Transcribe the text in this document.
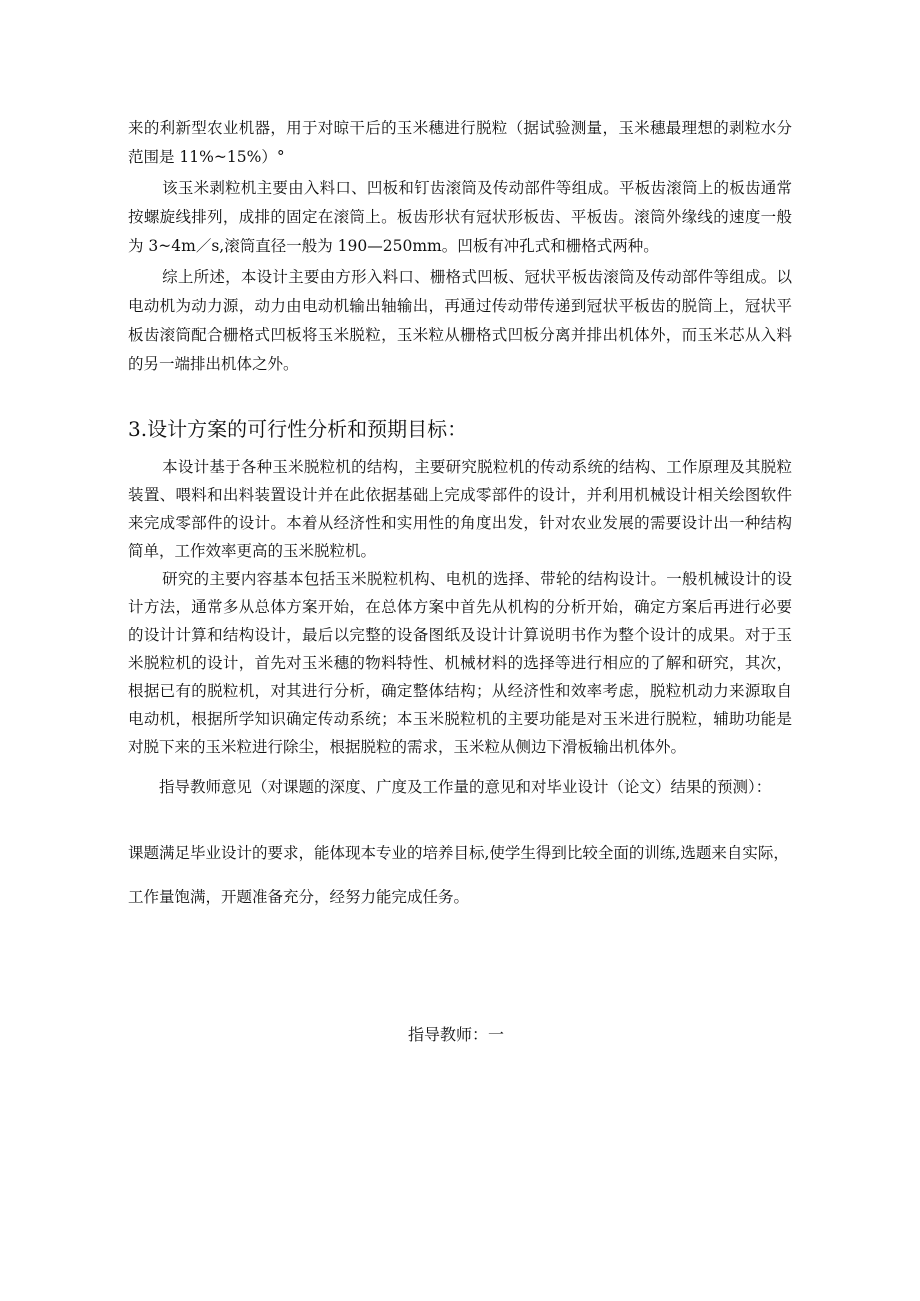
来的利新型农业机器，用于对晾干后的玉米穗进行脱粒（据试验测量，玉米穗最理想的剥粒水分范围是 11%~15%）°

该玉米剥粒机主要由入料口、凹板和钉齿滚筒及传动部件等组成。平板齿滚筒上的板齿通常按螺旋线排列，成排的固定在滚筒上。板齿形状有冠状形板齿、平板齿。滚筒外缘线的速度一般为 3~4m／s,滚筒直径一般为 190—250mm。凹板有冲孔式和栅格式两种。

综上所述，本设计主要由方形入料口、栅格式凹板、冠状平板齿滚筒及传动部件等组成。以电动机为动力源，动力由电动机输出轴输出，再通过传动带传递到冠状平板齿的脱筒上，冠状平板齿滚筒配合栅格式凹板将玉米脱粒，玉米粒从栅格式凹板分离并排出机体外，而玉米芯从入料的另一端排出机体之外。

3.设计方案的可行性分析和预期目标：

本设计基于各种玉米脱粒机的结构，主要研究脱粒机的传动系统的结构、工作原理及其脱粒装置、喂料和出料装置设计并在此依据基础上完成零部件的设计，并利用机械设计相关绘图软件来完成零部件的设计。本着从经济性和实用性的角度出发，针对农业发展的需要设计出一种结构简单，工作效率更高的玉米脱粒机。

研究的主要内容基本包括玉米脱粒机构、电机的选择、带轮的结构设计。一般机械设计的设计方法，通常多从总体方案开始，在总体方案中首先从机构的分析开始，确定方案后再进行必要的设计计算和结构设计，最后以完整的设备图纸及设计计算说明书作为整个设计的成果。对于玉米脱粒机的设计，首先对玉米穗的物料特性、机械材料的选择等进行相应的了解和研究，其次，根据已有的脱粒机，对其进行分析，确定整体结构；从经济性和效率考虑，脱粒机动力来源取自电动机，根据所学知识确定传动系统；本玉米脱粒机的主要功能是对玉米进行脱粒，辅助功能是对脱下来的玉米粒进行除尘，根据脱粒的需求，玉米粒从侧边下滑板输出机体外。

指导教师意见（对课题的深度、广度及工作量的意见和对毕业设计（论文）结果的预测）：

课题满足毕业设计的要求，能体现本专业的培养目标,使学生得到比较全面的训练,选题来自实际，工作量饱满，开题准备充分，经努力能完成任务。

指导教师：一
